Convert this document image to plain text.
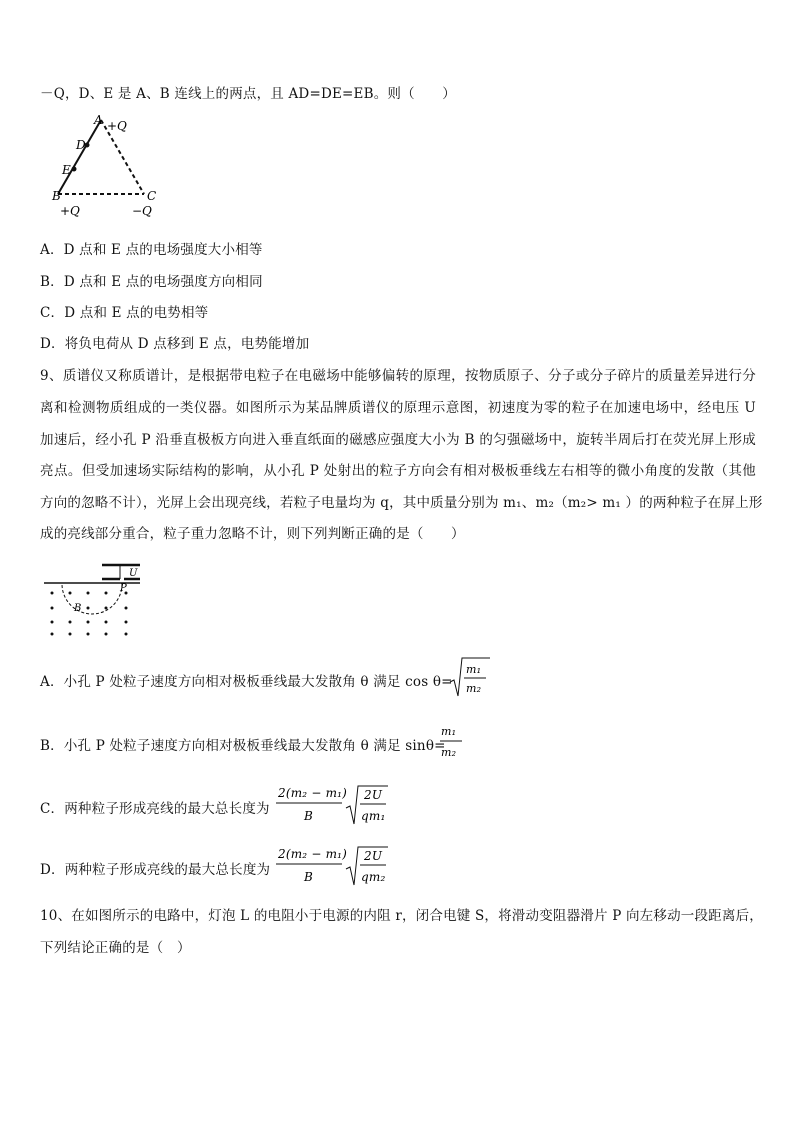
－Q，D、E 是 A、B 连线上的两点，且 AD=DE=EB。则（　　）
A +Q
D
E
B	C
+Q	−Q
A．D 点和 E 点的电场强度大小相等
B．D 点和 E 点的电场强度方向相同
C．D 点和 E 点的电势相等
D．将负电荷从 D 点移到 E 点，电势能增加
9、质谱仪又称质谱计，是根据带电粒子在电磁场中能够偏转的原理，按物质原子、分子或分子碎片的质量差异进行分
离和检测物质组成的一类仪器。如图所示为某品牌质谱仪的原理示意图，初速度为零的粒子在加速电场中，经电压 U
加速后，经小孔 P 沿垂直极板方向进入垂直纸面的磁感应强度大小为 B 的匀强磁场中，旋转半周后打在荧光屏上形成
亮点。但受加速场实际结构的影响，从小孔 P 处射出的粒子方向会有相对极板垂线左右相等的微小角度的发散（其他
方向的忽略不计），光屏上会出现亮线，若粒子电量均为 q，其中质量分别为 m₁、m₂（m₂> m₁ ）的两种粒子在屏上形
成的亮线部分重合，粒子重力忽略不计，则下列判断正确的是（　　）
U
P
B
A．小孔 P 处粒子速度方向相对极板垂线最大发散角 θ 满足 cos θ=
m₁
m₂
B．小孔 P 处粒子速度方向相对极板垂线最大发散角 θ 满足 sinθ=
m₁
m₂
C．两种粒子形成亮线的最大总长度为
2(m₂ − m₁)
B
2U
qm₁
D．两种粒子形成亮线的最大总长度为
2(m₂ − m₁)
B
2U
qm₂
10、在如图所示的电路中，灯泡 L 的电阻小于电源的内阻 r，闭合电键 S，将滑动变阻器滑片 P 向左移动一段距离后，
下列结论正确的是（　）
